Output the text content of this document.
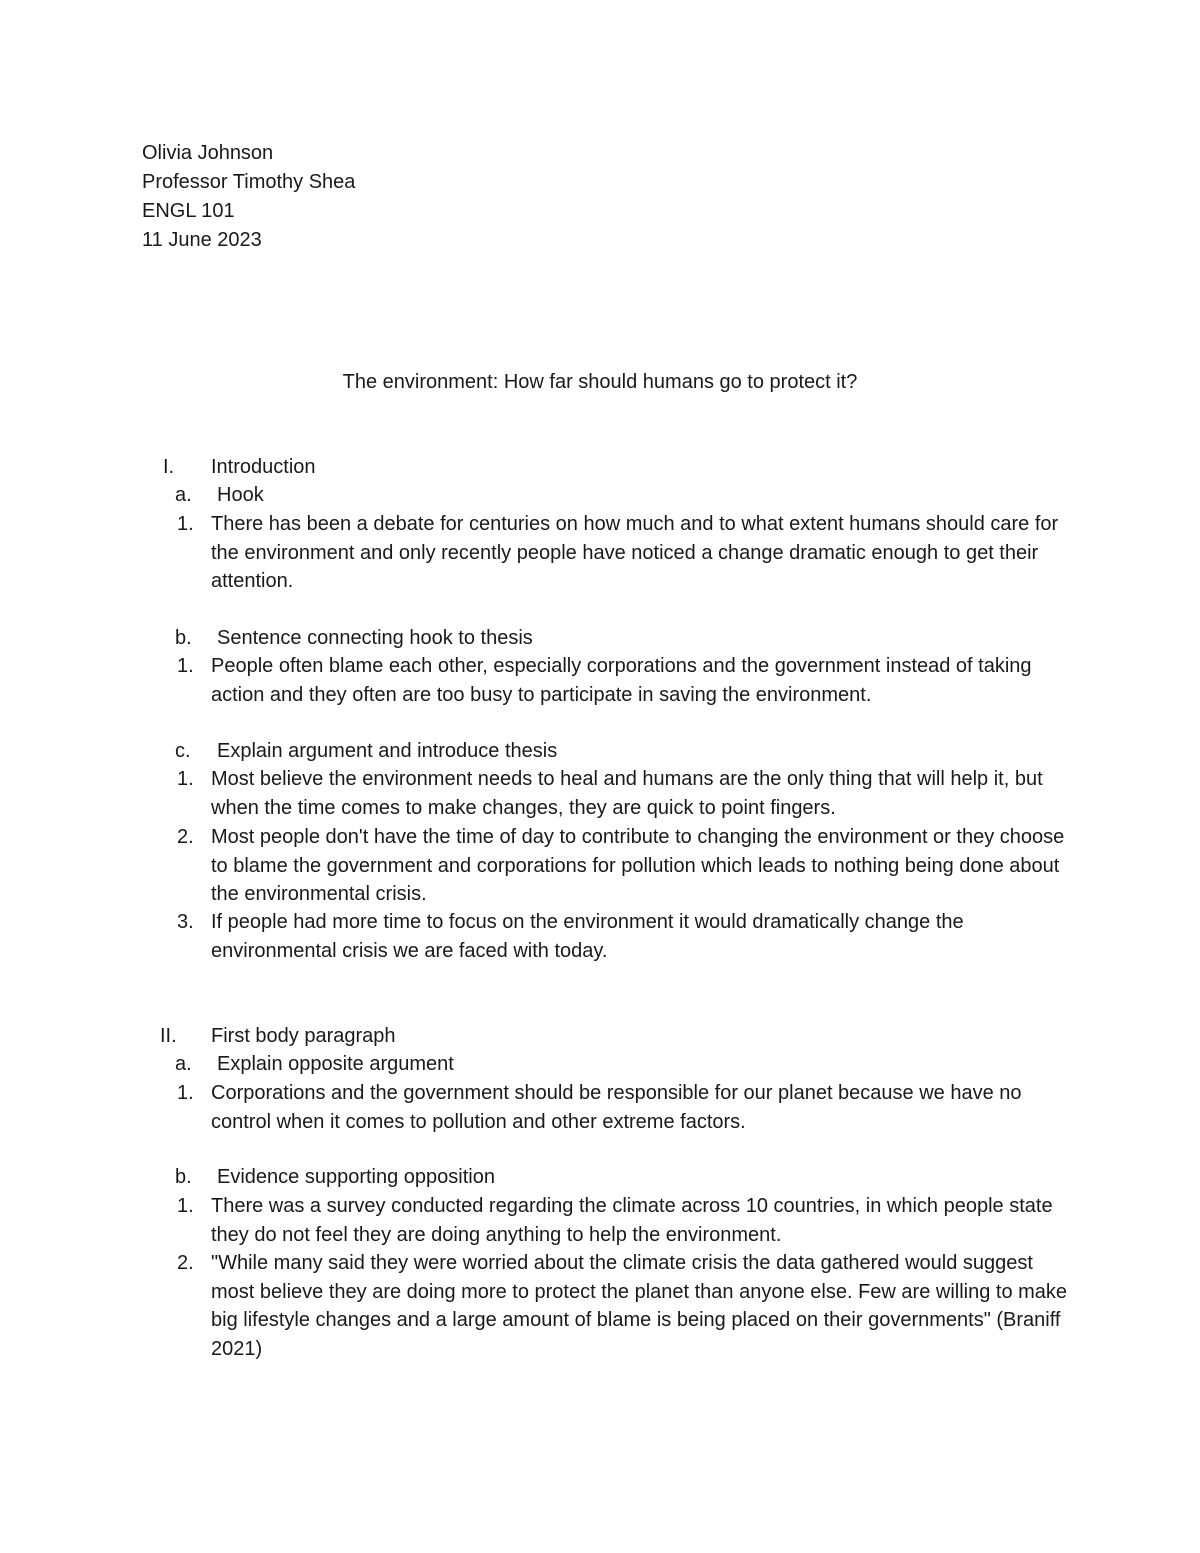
Olivia Johnson
Professor Timothy Shea
ENGL 101
11 June 2023
The environment: How far should humans go to protect it?
I. Introduction
a. Hook
1. There has been a debate for centuries on how much and to what extent humans should care for the environment and only recently people have noticed a change dramatic enough to get their attention.
b. Sentence connecting hook to thesis
1. People often blame each other, especially corporations and the government instead of taking action and they often are too busy to participate in saving the environment.
c. Explain argument and introduce thesis
1. Most believe the environment needs to heal and humans are the only thing that will help it, but when the time comes to make changes, they are quick to point fingers.
2. Most people don't have the time of day to contribute to changing the environment or they choose to blame the government and corporations for pollution which leads to nothing being done about the environmental crisis.
3. If people had more time to focus on the environment it would dramatically change the environmental crisis we are faced with today.
II. First body paragraph
a. Explain opposite argument
1. Corporations and the government should be responsible for our planet because we have no control when it comes to pollution and other extreme factors.
b. Evidence supporting opposition
1. There was a survey conducted regarding the climate across 10 countries, in which people state they do not feel they are doing anything to help the environment.
2. "While many said they were worried about the climate crisis the data gathered would suggest most believe they are doing more to protect the planet than anyone else. Few are willing to make big lifestyle changes and a large amount of blame is being placed on their governments" (Braniff 2021)
